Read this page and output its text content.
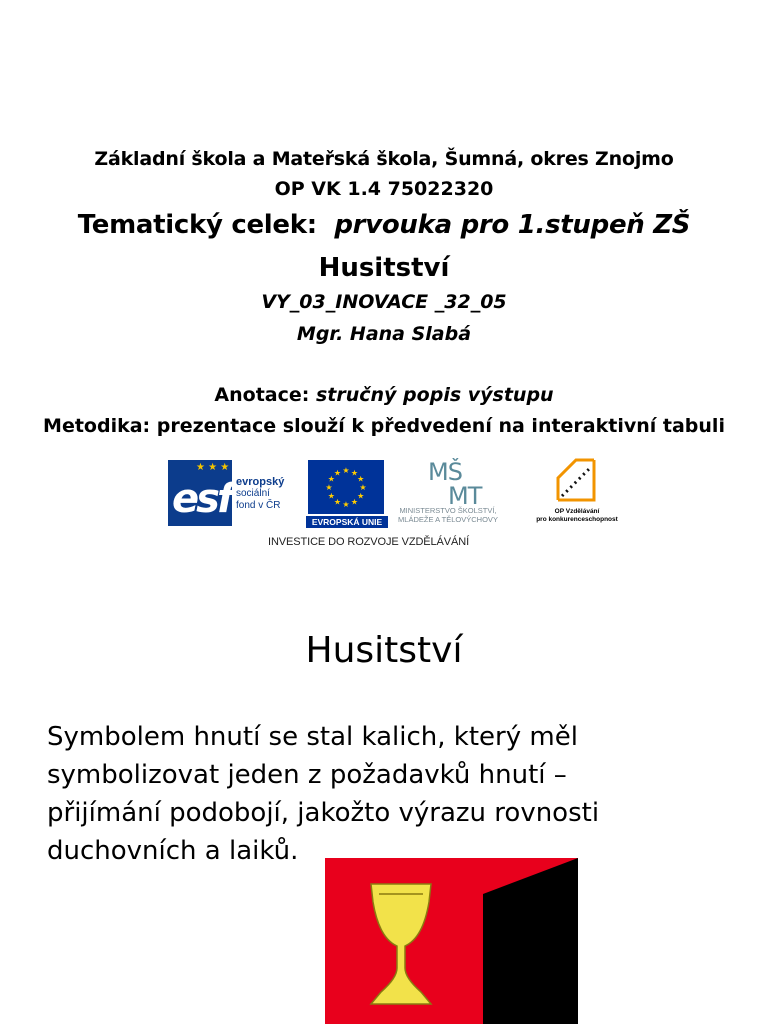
Základní škola a Mateřská škola, Šumná, okres Znojmo
OP VK 1.4 75022320
Tematický celek: prvouka pro 1.stupeň ZŠ
Husitství
VY_03_INOVACE _32_05
Mgr. Hana Slabá
Anotace: stručný popis výstupu
Metodika: prezentace slouží k předvedení na interaktivní tabuli
★ ★ ★
esf evropský
sociální
fond v ČR
★ ★
★
★
★
★
★
★
★
★
★
★
EVROPSKÁ UNIE
MŠ
MT
MINISTERSTVO ŠKOLSTVÍ,
MLÁDEŽE A TĚLOVÝCHOVY
OP Vzdělávání
pro konkurenceschopnost
INVESTICE DO ROZVOJE VZDĚLÁVÁNÍ
Husitství
Symbolem hnutí se stal kalich, který měl symbolizovat jeden z požadavků hnutí – přijímání podobojí, jakožto výrazu rovnosti duchovních a laiků.
